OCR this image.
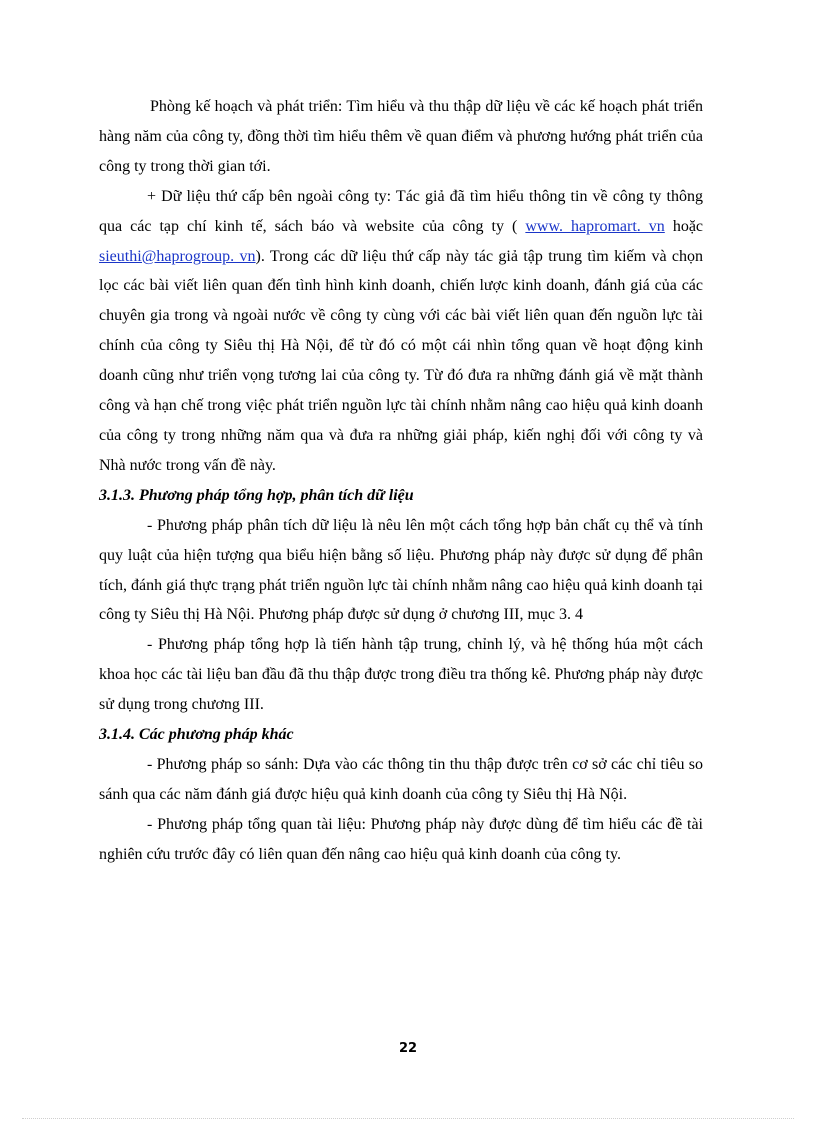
Phòng kế hoạch và phát triển: Tìm hiểu và thu thập dữ liệu về các kế hoạch phát triển hàng năm của công ty, đồng thời tìm hiểu thêm về quan điểm và phương hướng phát triển của công ty trong thời gian tới.

+ Dữ liệu thứ cấp bên ngoài công ty: Tác giả đã tìm hiểu thông tin về công ty thông qua các tạp chí kinh tế, sách báo và website của công ty ( www. hapromart. vn hoặc sieuthi@haprogroup. vn). Trong các dữ liệu thứ cấp này tác giả tập trung tìm kiếm và chọn lọc các bài viết liên quan đến tình hình kinh doanh, chiến lược kinh doanh, đánh giá của các chuyên gia trong và ngoài nước về công ty cùng với các bài viết liên quan đến nguồn lực tài chính của công ty Siêu thị Hà Nội, để từ đó có một cái nhìn tổng quan về hoạt động kinh doanh cũng như triển vọng tương lai của công ty. Từ đó đưa ra những đánh giá về mặt thành công và hạn chế trong việc phát triển nguồn lực tài chính nhằm nâng cao hiệu quả kinh doanh của công ty trong những năm qua và đưa ra những giải pháp, kiến nghị đối với công ty và Nhà nước trong vấn đề này.

3.1.3. Phương pháp tổng hợp, phân tích dữ liệu

- Phương pháp phân tích dữ liệu là nêu lên một cách tổng hợp bản chất cụ thể và tính quy luật của hiện tượng qua biểu hiện bằng số liệu. Phương pháp này được sử dụng để phân tích, đánh giá thực trạng phát triển nguồn lực tài chính nhằm nâng cao hiệu quả kinh doanh tại công ty Siêu thị Hà Nội. Phương pháp được sử dụng ở chương III, mục 3. 4

- Phương pháp tổng hợp là tiến hành tập trung, chỉnh lý, và hệ thống húa một cách khoa học các tài liệu ban đầu đã thu thập được trong điều tra thống kê. Phương pháp này được sử dụng trong chương III.

3.1.4. Các phương pháp khác

- Phương pháp so sánh: Dựa vào các thông tin thu thập được trên cơ sở các chỉ tiêu so sánh qua các năm đánh giá được hiệu quả kinh doanh của công ty Siêu thị Hà Nội.

- Phương pháp tổng quan tài liệu: Phương pháp này được dùng để tìm hiểu các đề tài nghiên cứu trước đây có liên quan đến nâng cao hiệu quả kinh doanh của công ty.

22
